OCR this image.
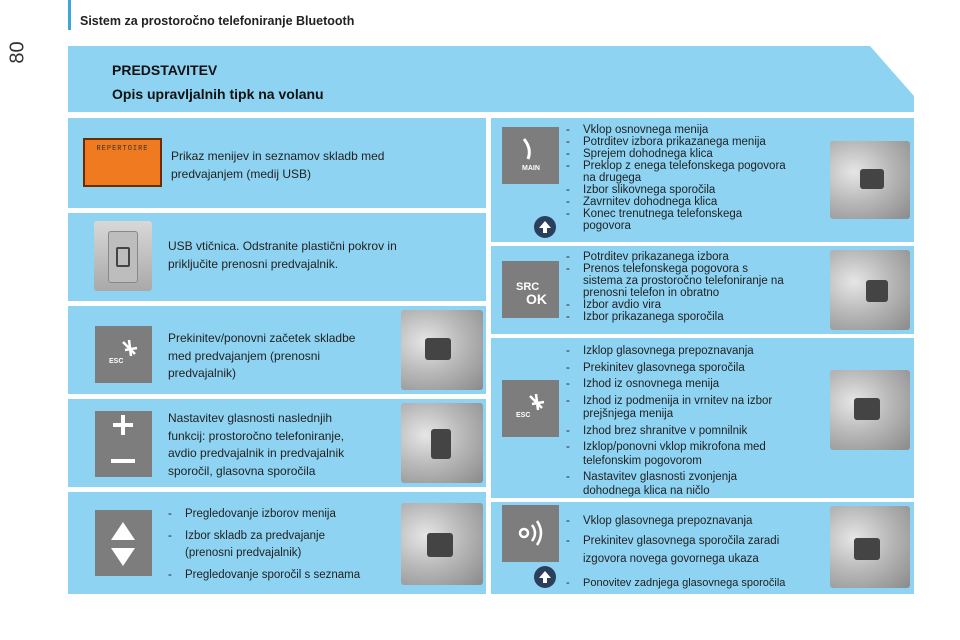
80
Sistem za prostoročno telefoniranje Bluetooth
PREDSTAVITEV
Opis upravljalnih tipk na volanu
REPERTOIRE Prikaz menijev in seznamov skladb med
predvajanjem (medij USB)
USB vtičnica. Odstranite plastični pokrov in
priključite prenosni predvajalnik.
ESC
Prekinitev/ponovni začetek skladbe
med predvajanjem (prenosni
predvajalnik)
Nastavitev glasnosti naslednjih
funkcij: prostoročno telefoniranje,
avdio predvajalnik in predvajalnik
sporočil, glasovna sporočila
- Pregledovanje izborov menija
- Izbor skladb za predvajanje
(prenosni predvajalnik)
- Pregledovanje sporočil s seznama
MAIN
- Vklop osnovnega menija
- Potrditev izbora prikazanega menija
- Sprejem dohodnega klica
- Preklop z enega telefonskega pogovora
na drugega
- Izbor slikovnega sporočila
- Zavrnitev dohodnega klica
- Konec trenutnega telefonskega
pogovora
SRC
OK
- Potrditev prikazanega izbora
- Prenos telefonskega pogovora s
sistema za prostoročno telefoniranje na
prenosni telefon in obratno
- Izbor avdio vira
- Izbor prikazanega sporočila
ESC
- Izklop glasovnega prepoznavanja
- Prekinitev glasovnega sporočila
- Izhod iz osnovnega menija
- Izhod iz podmenija in vrnitev na izbor
prejšnjega menija
- Izhod brez shranitve v pomnilnik
- Izklop/ponovni vklop mikrofona med
telefonskim pogovorom
- Nastavitev glasnosti zvonjenja
dohodnega klica na ničlo
- Vklop glasovnega prepoznavanja
- Prekinitev glasovnega sporočila zaradi
izgovora novega govornega ukaza
- Ponovitev zadnjega glasovnega sporočila
